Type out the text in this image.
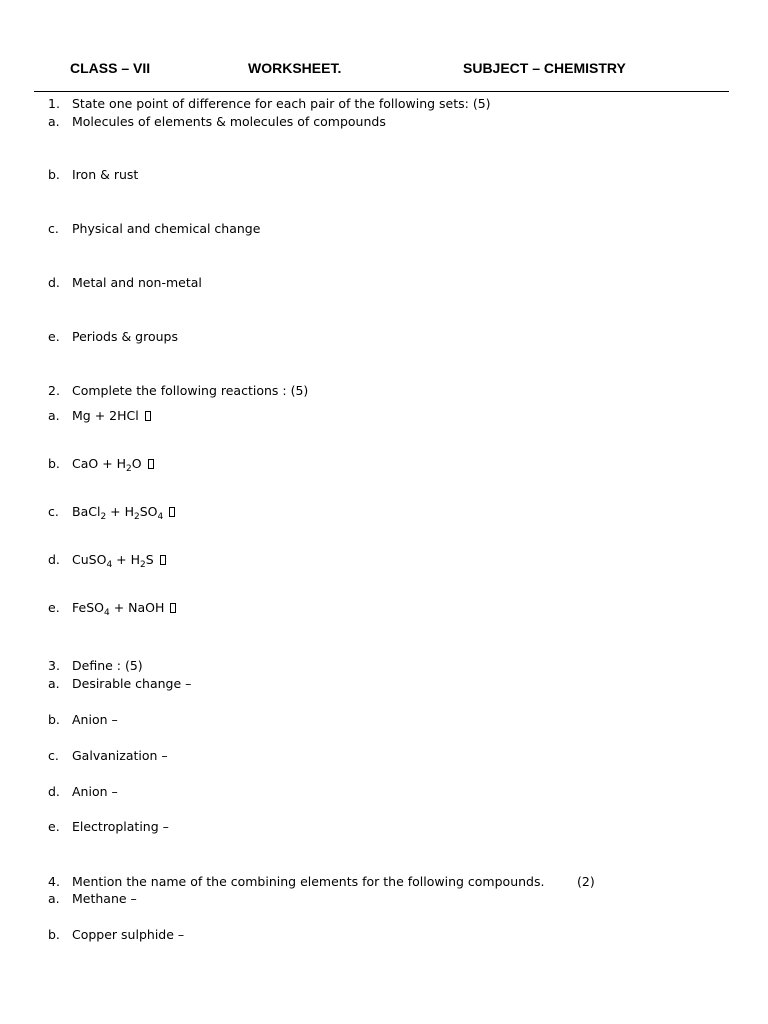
CLASS – VII	WORKSHEET.	SUBJECT – CHEMISTRY
1. State one point of difference for each pair of the following sets: (5)
a. Molecules of elements & molecules of compounds
b. Iron & rust
c. Physical and chemical change
d. Metal and non-metal
e. Periods & groups
2. Complete the following reactions : (5)
a. Mg + 2HCl
b. CaO + $H_2O$
c. BaCl$_2$ + $H_2SO_4$
d. CuSO$_4$ + $H_2S$
e. FeSO$_4$ + NaOH
3. Define : (5)
a. Desirable change –
b. Anion –
c. Galvanization –
d. Anion –
e. Electroplating –
4. Mention the name of the combining elements for the following compounds.	(2)
a. Methane –
b. Copper sulphide –
